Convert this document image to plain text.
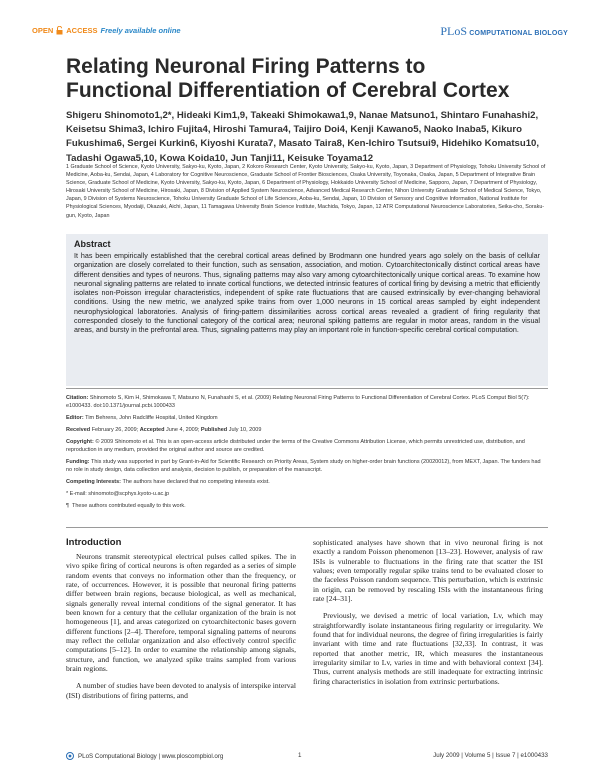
OPEN ACCESS Freely available online	PLoS COMPUTATIONAL BIOLOGY
Relating Neuronal Firing Patterns to Functional Differentiation of Cerebral Cortex
Shigeru Shinomoto1,2*, Hideaki Kim1,9, Takeaki Shimokawa1,9, Nanae Matsuno1, Shintaro Funahashi2, Keisetsu Shima3, Ichiro Fujita4, Hiroshi Tamura4, Taijiro Doi4, Kenji Kawano5, Naoko Inaba5, Kikuro Fukushima6, Sergei Kurkin6, Kiyoshi Kurata7, Masato Taira8, Ken-Ichiro Tsutsui9, Hidehiko Komatsu10, Tadashi Ogawa5,10, Kowa Koida10, Jun Tanji11, Keisuke Toyama12
1 Graduate School of Science, Kyoto University, Sakyo-ku, Kyoto, Japan, 2 Kokoro Research Center, Kyoto University, Sakyo-ku, Kyoto, Japan, 3 Department of Physiology, Tohoku University School of Medicine, Aoba-ku, Sendai, Japan, 4 Laboratory for Cognitive Neuroscience, Graduate School of Frontier Biosciences, Osaka University, Toyonaka, Osaka, Japan, 5 Department of Integrative Brain Science, Graduate School of Medicine, Kyoto University, Sakyo-ku, Kyoto, Japan, 6 Department of Physiology, Hokkaido University School of Medicine, Sapporo, Japan, 7 Department of Physiology, Hirosaki University School of Medicine, Hirosaki, Japan, 8 Division of Applied System Neuroscience, Advanced Medical Research Center, Nihon University Graduate School of Medical Science, Tokyo, Japan, 9 Division of Systems Neuroscience, Tohoku University Graduate School of Life Sciences, Aoba-ku, Sendai, Japan, 10 Division of Sensory and Cognitive Information, National Institute for Physiological Sciences, Myodaiji, Okazaki, Aichi, Japan, 11 Tamagawa University Brain Science Institute, Machida, Tokyo, Japan, 12 ATR Computational Neuroscience Laboratories, Seika-cho, Soraku-gun, Kyoto, Japan
Abstract
It has been empirically established that the cerebral cortical areas defined by Brodmann one hundred years ago solely on the basis of cellular organization are closely correlated to their function, such as sensation, association, and motion. Cytoarchitectonically distinct cortical areas have different densities and types of neurons. Thus, signaling patterns may also vary among cytoarchitectonically unique cortical areas. To examine how neuronal signaling patterns are related to innate cortical functions, we detected intrinsic features of cortical firing by devising a metric that efficiently isolates non-Poisson irregular characteristics, independent of spike rate fluctuations that are caused extrinsically by ever-changing behavioral conditions. Using the new metric, we analyzed spike trains from over 1,000 neurons in 15 cortical areas sampled by eight independent neurophysiological laboratories. Analysis of firing-pattern dissimilarities across cortical areas revealed a gradient of firing regularity that corresponded closely to the functional category of the cortical area; neuronal spiking patterns are regular in motor areas, random in the visual areas, and bursty in the prefrontal area. Thus, signaling patterns may play an important role in function-specific cerebral cortical computation.

Citation: Shinomoto S, Kim H, Shimokawa T, Matsuno N, Funahashi S, et al. (2009) Relating Neuronal Firing Patterns to Functional Differentiation of Cerebral Cortex. PLoS Comput Biol 5(7): e1000433. doi:10.1371/journal.pcbi.1000433

Editor: Tim Behrens, John Radcliffe Hospital, United Kingdom

Received February 26, 2009; Accepted June 4, 2009; Published July 10, 2009

Copyright: © 2009 Shinomoto et al. This is an open-access article distributed under the terms of the Creative Commons Attribution License, which permits unrestricted use, distribution, and reproduction in any medium, provided the original author and source are credited.

Funding: This study was supported in part by Grant-in-Aid for Scientific Research on Priority Areas, System study on higher-order brain functions (20020012), from MEXT, Japan. The funders had no role in study design, data collection and analysis, decision to publish, or preparation of the manuscript.

Competing Interests: The authors have declared that no competing interests exist.

* E-mail: shinomoto@scphys.kyoto-u.ac.jp

¶ These authors contributed equally to this work.

Introduction

Neurons transmit stereotypical electrical pulses called spikes. The in vivo spike firing of cortical neurons is often regarded as a series of simple random events that conveys no information other than the frequency, or rate, of occurrences. However, it is possible that neuronal firing patterns differ between brain regions, because biological, as well as mechanical, signals generally reveal internal conditions of the signal generator. It has been known for a century that the cellular organization of the brain is not homogeneous [1], and areas categorized on cytoarchitectonic bases govern different functions [2–4]. Therefore, temporal signaling patterns of neurons may reflect the cellular organization and also effectively control specific computations [5–12]. In order to examine the relationship among signals, structure, and function, we analyzed spike trains sampled from various brain regions.

A number of studies have been devoted to analysis of interspike interval (ISI) distributions of firing patterns, and

sophisticated analyses have shown that in vivo neuronal firing is not exactly a random Poisson phenomenon [13–23]. However, analysis of raw ISIs is vulnerable to fluctuations in the firing rate that scatter the ISI values; even temporally regular spike trains tend to be evaluated closer to the faceless Poisson random sequence. This perturbation, which is extrinsic in origin, can be removed by rescaling ISIs with the instantaneous firing rate [24–31].

Previously, we devised a metric of local variation, Lv, which may straightforwardly isolate instantaneous firing regularity or irregularity. We found that for individual neurons, the degree of firing irregularities is fairly invariant with time and rate fluctuations [32,33]. In contrast, it was reported that another metric, IR, which measures the instantaneous irregularity similar to Lv, varies in time and with behavioral context [34]. Thus, current analysis methods are still inadequate for extracting intrinsic firing characteristics in isolation from extrinsic perturbations.

PLoS Computational Biology | www.ploscompbiol.org	1	July 2009 | Volume 5 | Issue 7 | e1000433
